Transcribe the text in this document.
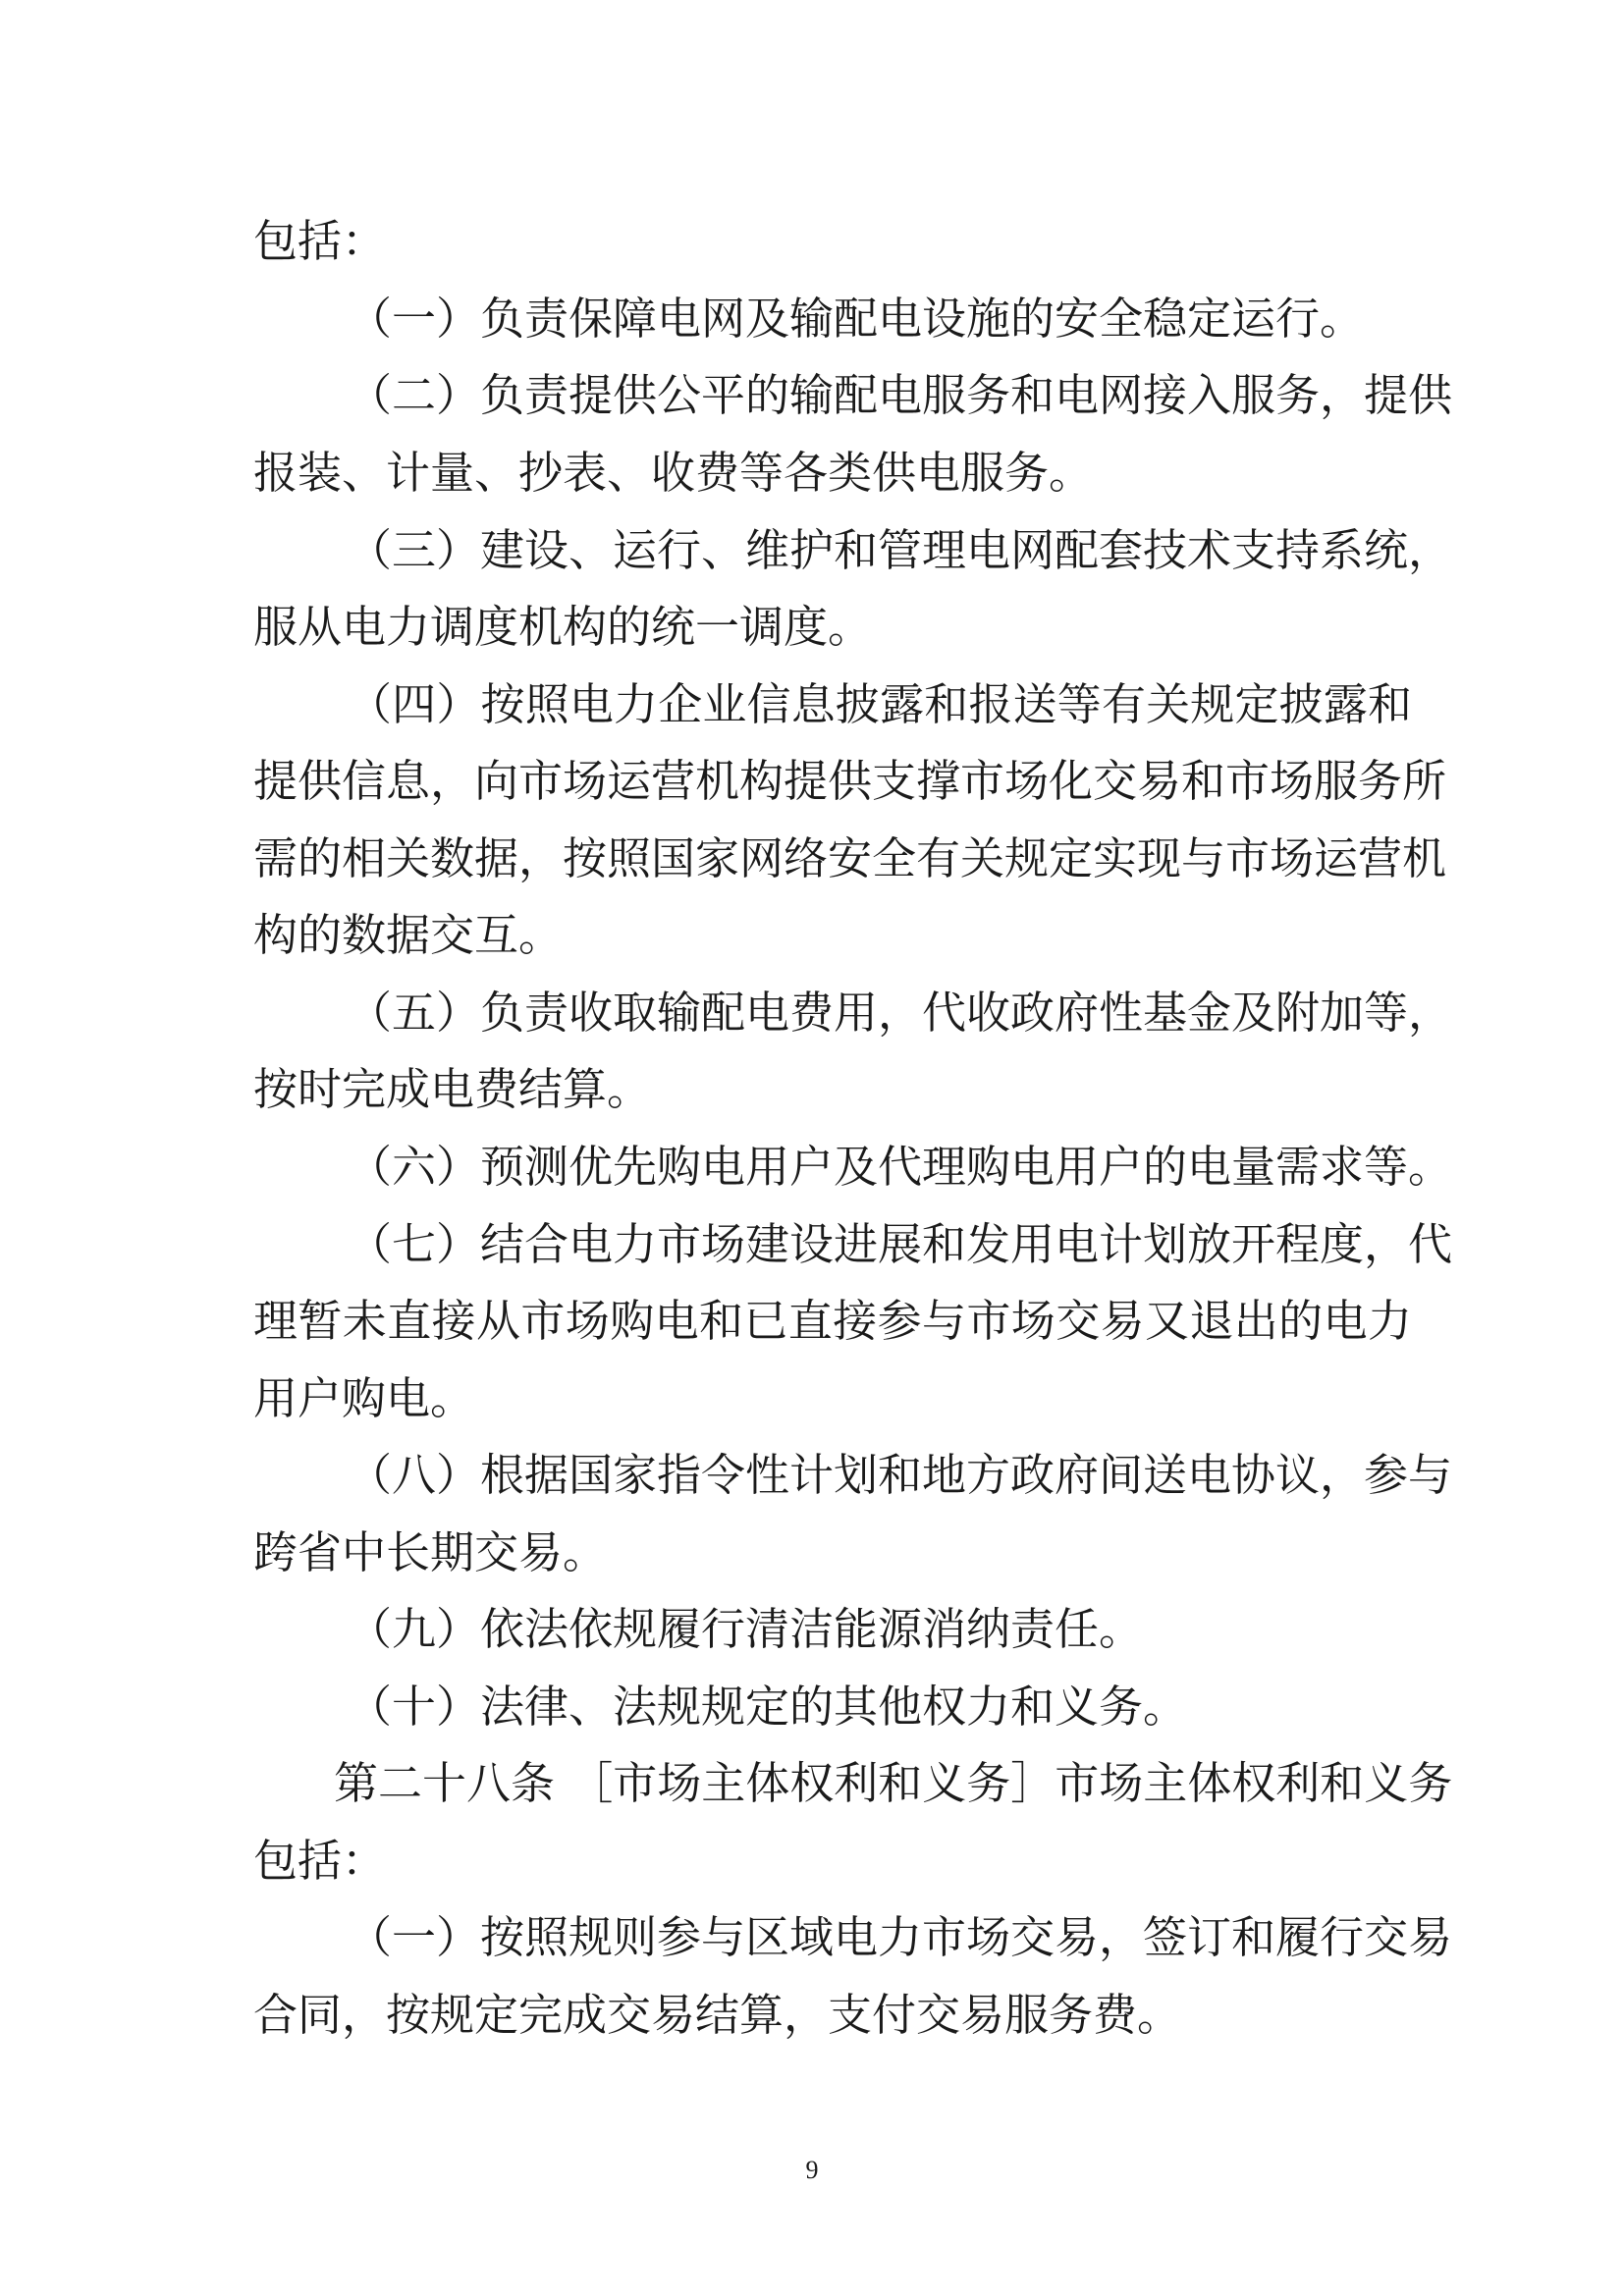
包括：
（一）负责保障电网及输配电设施的安全稳定运行。
（二）负责提供公平的输配电服务和电网接入服务，提供
报装、计量、抄表、收费等各类供电服务。
（三）建设、运行、维护和管理电网配套技术支持系统，
服从电力调度机构的统一调度。
（四）按照电力企业信息披露和报送等有关规定披露和
提供信息，向市场运营机构提供支撑市场化交易和市场服务所
需的相关数据，按照国家网络安全有关规定实现与市场运营机
构的数据交互。
（五）负责收取输配电费用，代收政府性基金及附加等，
按时完成电费结算。
（六）预测优先购电用户及代理购电用户的电量需求等。
（七）结合电力市场建设进展和发用电计划放开程度，代
理暂未直接从市场购电和已直接参与市场交易又退出的电力
用户购电。
（八）根据国家指令性计划和地方政府间送电协议，参与
跨省中长期交易。
（九）依法依规履行清洁能源消纳责任。
（十）法律、法规规定的其他权力和义务。
第二十八条 ［市场主体权利和义务］市场主体权利和义务
包括：
（一）按照规则参与区域电力市场交易，签订和履行交易
合同，按规定完成交易结算，支付交易服务费。
9
